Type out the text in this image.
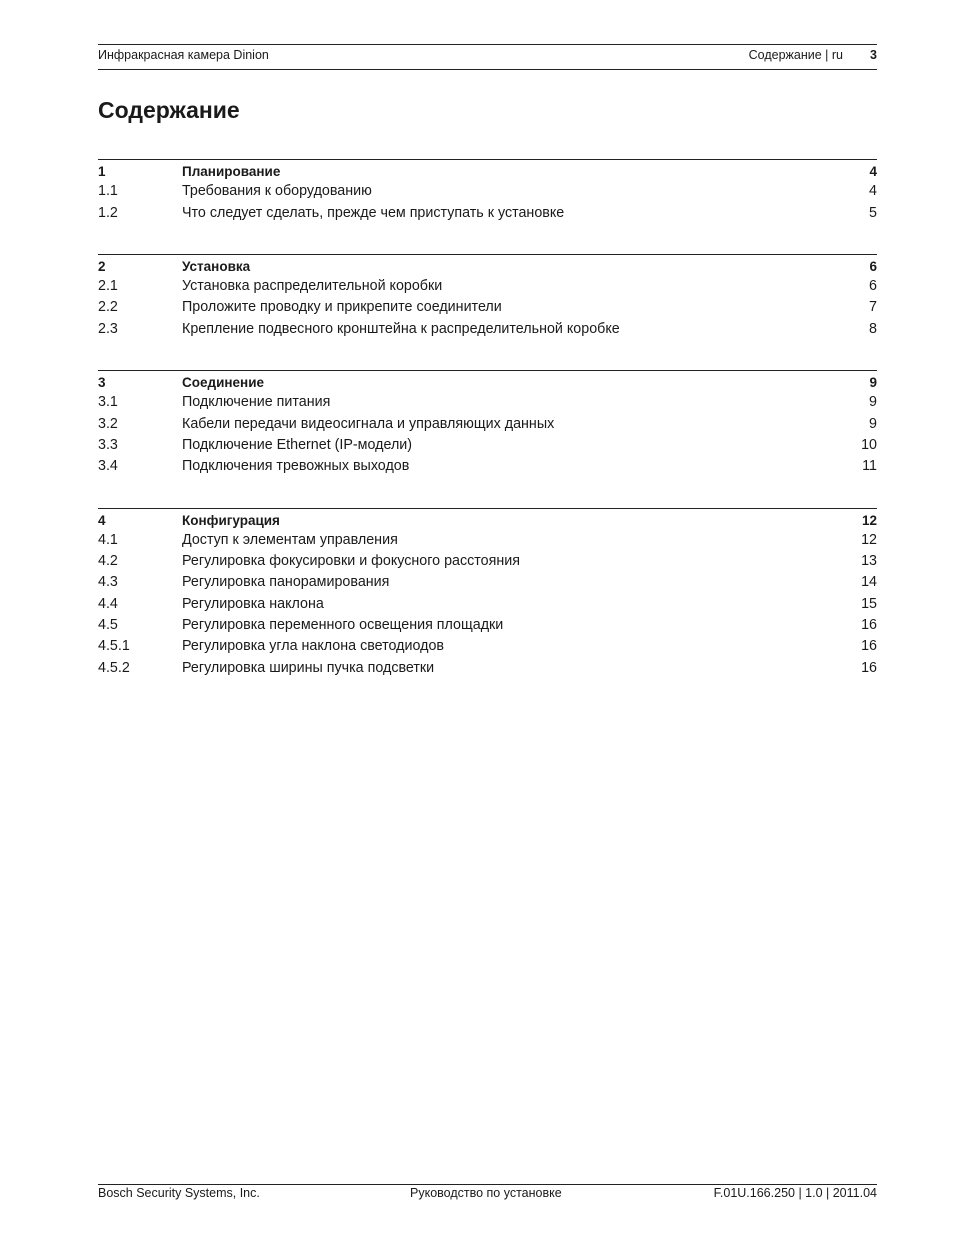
Инфракрасная камера Dinion	Содержание | ru 3
Содержание
1	Планирование	4
1.1	Требования к оборудованию	4
1.2	Что следует сделать, прежде чем приступать к установке	5
2	Установка	6
2.1	Установка распределительной коробки	6
2.2	Проложите проводку и прикрепите соединители	7
2.3	Крепление подвесного кронштейна к распределительной коробке	8
3	Соединение	9
3.1	Подключение питания	9
3.2	Кабели передачи видеосигнала и управляющих данных	9
3.3	Подключение Ethernet (IP-модели)	10
3.4	Подключения тревожных выходов	11
4	Конфигурация	12
4.1	Доступ к элементам управления	12
4.2	Регулировка фокусировки и фокусного расстояния	13
4.3	Регулировка панорамирования	14
4.4	Регулировка наклона	15
4.5	Регулировка переменного освещения площадки	16
4.5.1	Регулировка угла наклона светодиодов	16
4.5.2	Регулировка ширины пучка подсветки	16
Bosch Security Systems, Inc.	Руководство по установке	F.01U.166.250 | 1.0 | 2011.04
